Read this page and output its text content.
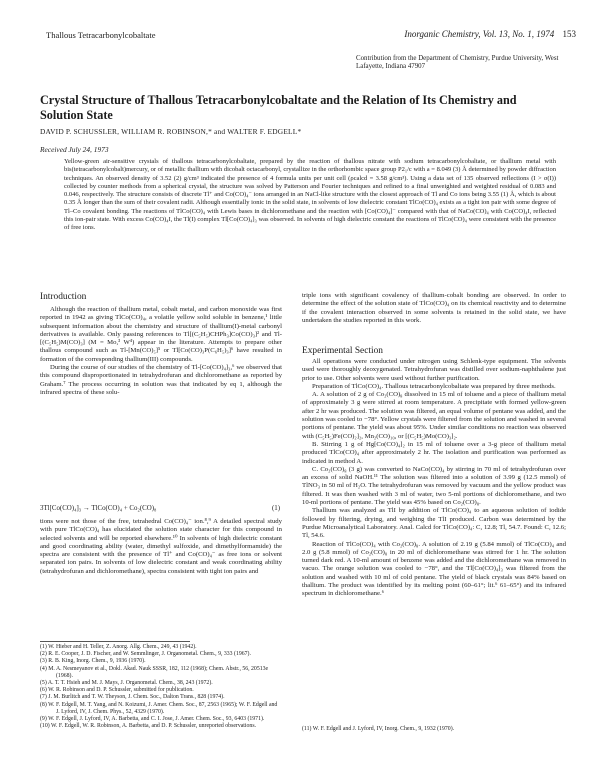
Thallous Tetracarbonylcobaltate	Inorganic Chemistry, Vol. 13, No. 1, 1974 153
Contribution from the Department of Chemistry, Purdue University, West Lafayette, Indiana 47907
Crystal Structure of Thallous Tetracarbonylcobaltate and the Relation of Its Chemistry and Solution State
DAVID P. SCHUSSLER, WILLIAM R. ROBINSON,* and WALTER F. EDGELL*
Received July 24, 1973
Yellow-green air-sensitive crystals of thallous tetracarbonylcobaltate, prepared by the reaction of thallous nitrate with sodium tetracarbonylcobaltate, or thallium metal with bis(tetracarbonylcobalt)mercury, or of metallic thallium with dicobalt octacarbonyl, crystallize in the orthorhombic space group P2₁/c with a = 8.049 (3) Å determined by powder diffraction techniques. An observed density of 3.52 (2) g/cm³ indicated the presence of 4 formula units per unit cell (ρcalcd = 3.58 g/cm³). Using a data set of 135 observed reflections (I > σ(I)) collected by counter methods from a spherical crystal, the structure was solved by Patterson and Fourier techniques and refined to a final unweighted and weighted residual of 0.083 and 0.046, respectively. The structure consists of discrete Tl⁺ and Co(CO)₄⁻ ions arranged in an NaCl-like structure with the closest approach of Tl and Co ions being 3.55 (1) Å, which is about 0.35 Å longer than the sum of their covalent radii. Although essentially ionic in the solid state, in solvents of low dielectric constant TlCo(CO)₄ exists as a tight ion pair with some degree of Tl–Co covalent bonding. The reactions of TlCo(CO)₄ with Lewis bases in dichloromethane and the reaction with [Co(CO)₄]⁻ compared with that of NaCo(CO)₄ with Co(CO)₄I, reflected this ion-pair state. With excess Co(CO)₄I, the Tl(I) complex Tl[Co(CO)₄]₃ was observed. In solvents of high dielectric constant the reactions of TlCo(CO)₄ were consistent with the presence of free ions.
Introduction

Although the reaction of thallium metal, cobalt metal, and carbon monoxide was first reported in 1942 as giving TlCo(CO)₄, a volatile yellow solid soluble in benzene,¹ little subsequent information about the chemistry and structure of thallium(I)-metal carbonyl derivatives is available. Only passing references to Tl[(C₅H₅)CHPh₃]Co(CO)₃]² and Tl-[(C₅H₅)M(CO)₃] (M = Mo,³ W⁴) appear in the literature. Attempts to prepare other thallous compound such as Tl-[Mn(CO)₅]⁵ or Tl[Co(CO)₃P(C₆H₅)₃]⁶ have resulted in formation of the corresponding thallium(III) compounds.

During the course of our studies of the chemistry of Tl-[Co(CO)₄]₃,⁶ we observed that this compound disproportionated in tetrahydrofuran and dichloromethane as reported by Graham.⁷ The process occurring in solution was that indicated by eq 1, although the infrared spectra of these solu-

3Tl[Co(CO)₄]₃ → TlCo(CO)₄ + Co₂(CO)₈	(1)

tions were not those of the free, tetrahedral Co(CO)₄⁻ ion.⁸,⁹ A detailed spectral study with pure TlCo(CO)₄ has elucidated the solution state character for this compound in selected solvents and will be reported elsewhere.¹⁰ In solvents of high dielectric constant and good coordinating ability (water, dimethyl sulfoxide, and dimethylformamide) the spectra are consistent with the presence of Tl⁺ and Co(CO)₄⁻ as free ions or solvent separated ion pairs. In solvents of low dielectric constant and weak coordinating ability (tetrahydrofuran and dichloromethane), spectra consistent with tight ion pairs and

(1) W. Hieber and H. Teller, Z. Anorg. Allg. Chem., 249, 43 (1942).
(2) R. E. Cooper, J. D. Fischer, and W. Semmlinger, J. Organometal. Chem., 9, 333 (1967).
(3) R. B. King, Inorg. Chem., 9, 1936 (1970).
(4) M. A. Nesmeyanov et al., Dokl. Akad. Nauk SSSR, 182, 112 (1968); Chem. Abstr., 56, 20513e (1968).
(5) A. T. T. Hsieh and M. J. Mays, J. Organometal. Chem., 38, 243 (1972).
(6) W. R. Robinson and D. P. Schussler, submitted for publication.
(7) J. M. Burlitch and T. W. Theyson, J. Chem. Soc., Dalton Trans., 828 (1974).
(8) W. F. Edgell, M. T. Yang, and N. Koizumi, J. Amer. Chem. Soc., 87, 2563 (1965); W. F. Edgell and J. Lyford, IV, J. Chem. Phys., 52, 4329 (1970).
(9) W. F. Edgell, J. Lyford, IV, A. Barbetta, and C. I. Jose, J. Amer. Chem. Soc., 93, 6403 (1971).
(10) W. F. Edgell, W. R. Robinson, A. Barbetta, and D. P. Schussler, unreported observations.

triple ions with significant covalency of thallium-cobalt bonding are observed. In order to determine the effect of the solution state of TlCo(CO)₄ on its chemical reactivity and to determine if the covalent interaction observed in some solvents is retained in the solid state, we have undertaken the studies reported in this work.

Experimental Section

All operations were conducted under nitrogen using Schlenk-type equipment. The solvents used were thoroughly deoxygenated. Tetrahydrofuran was distilled over sodium-naphthalene just prior to use. Other solvents were used without further purification.

Preparation of TlCo(CO)₄. Thallous tetracarbonylcobaltate was prepared by three methods.

A. A solution of 2 g of Co₂(CO)₈ dissolved in 15 ml of toluene and a piece of thallium metal of approximately 3 g were stirred at room temperature. A precipitate with formed yellow-green after 2 hr was produced. The solution was filtered, an equal volume of pentane was added, and the solution was cooled to −78°. Yellow crystals were filtered from the solution and washed in several portions of pentane. The yield was about 95%. Under similar conditions no reaction was observed with (C₅H₅)Fe(CO)₂]₂, Mn₂(CO)₁₀, or [(C₅H₅)Mo(CO)₃]₂.

B. Stirring 1 g of Hg[Co(CO)₄]₂ in 15 ml of toluene over a 3-g piece of thallium metal produced TlCo(CO)₄ after approximately 2 hr. The isolation and purification was performed as indicated in method A.

C. Co₂(CO)₈ (3 g) was converted to NaCo(CO)₄ by stirring in 70 ml of tetrahydrofuran over an excess of solid NaOH.¹¹ The solution was filtered into a solution of 3.99 g (12.5 mmol) of TlNO₃ in 50 ml of H₂O. The tetrahydrofuran was removed by vacuum and the yellow product was filtered. It was then washed with 3 ml of water, two 5-ml portions of dichloromethane, and two 10-ml portions of pentane. The yield was 45% based on Co₂(CO)₈.

Thallium was analyzed as TlI by addition of TlCo(CO)₄ to an aqueous solution of iodide followed by filtering, drying, and weighing the TlI produced. Carbon was determined by the Purdue Microanalytical Laboratory. Anal. Calcd for TlCo(CO)₄: C, 12.8; Tl, 54.7. Found: C, 12.6; Tl, 54.6.

Reaction of TlCo(CO)₄ with Co₂(CO)₈. A solution of 2.19 g (5.84 mmol) of TlCo(CO)₄ and 2.0 g (5.8 mmol) of Co₂(CO)₈ in 20 ml of dichloromethane was stirred for 1 hr. The solution turned dark red. A 10-ml amount of benzene was added and the dichloromethane was removed in vacuo. The orange solution was cooled to −78°, and the Tl[Co(CO)₄]₃ was filtered from the solution and washed with 10 ml of cold pentane. The yield of black crystals was 84% based on thallium. The product was identified by its melting point (60–61°; lit.⁶ 61–65°) and its infrared spectrum in dichloromethane.⁶

(11) W. F. Edgell and J. Lyford, IV, Inorg. Chem., 9, 1932 (1970).
